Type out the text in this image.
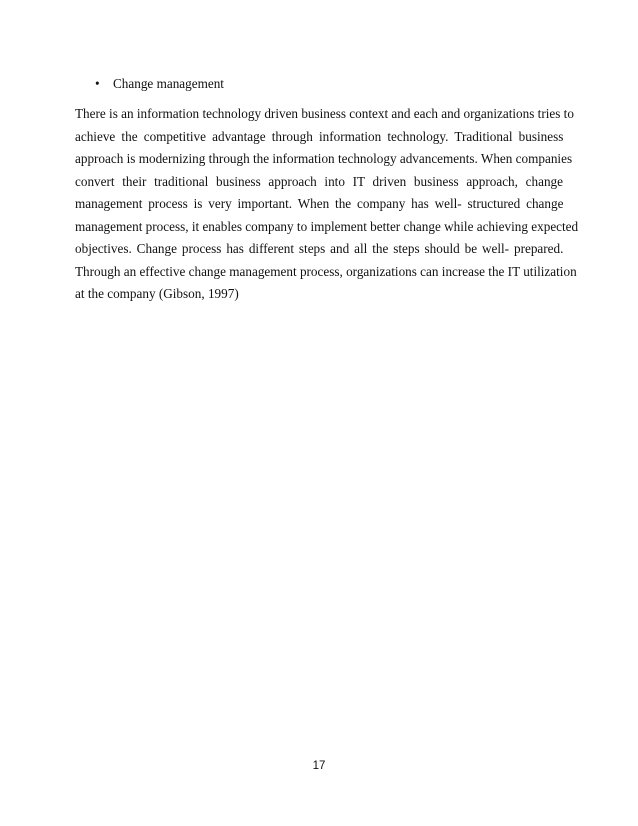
• Change management
There is an information technology driven business context and each and organizations tries to
achieve the competitive advantage through information technology. Traditional business
approach is modernizing through the information technology advancements. When companies
convert their traditional business approach into IT driven business approach, change
management process is very important. When the company has well- structured change
management process, it enables company to implement better change while achieving expected
objectives. Change process has different steps and all the steps should be well- prepared.
Through an effective change management process, organizations can increase the IT utilization
at the company (Gibson, 1997)
17
